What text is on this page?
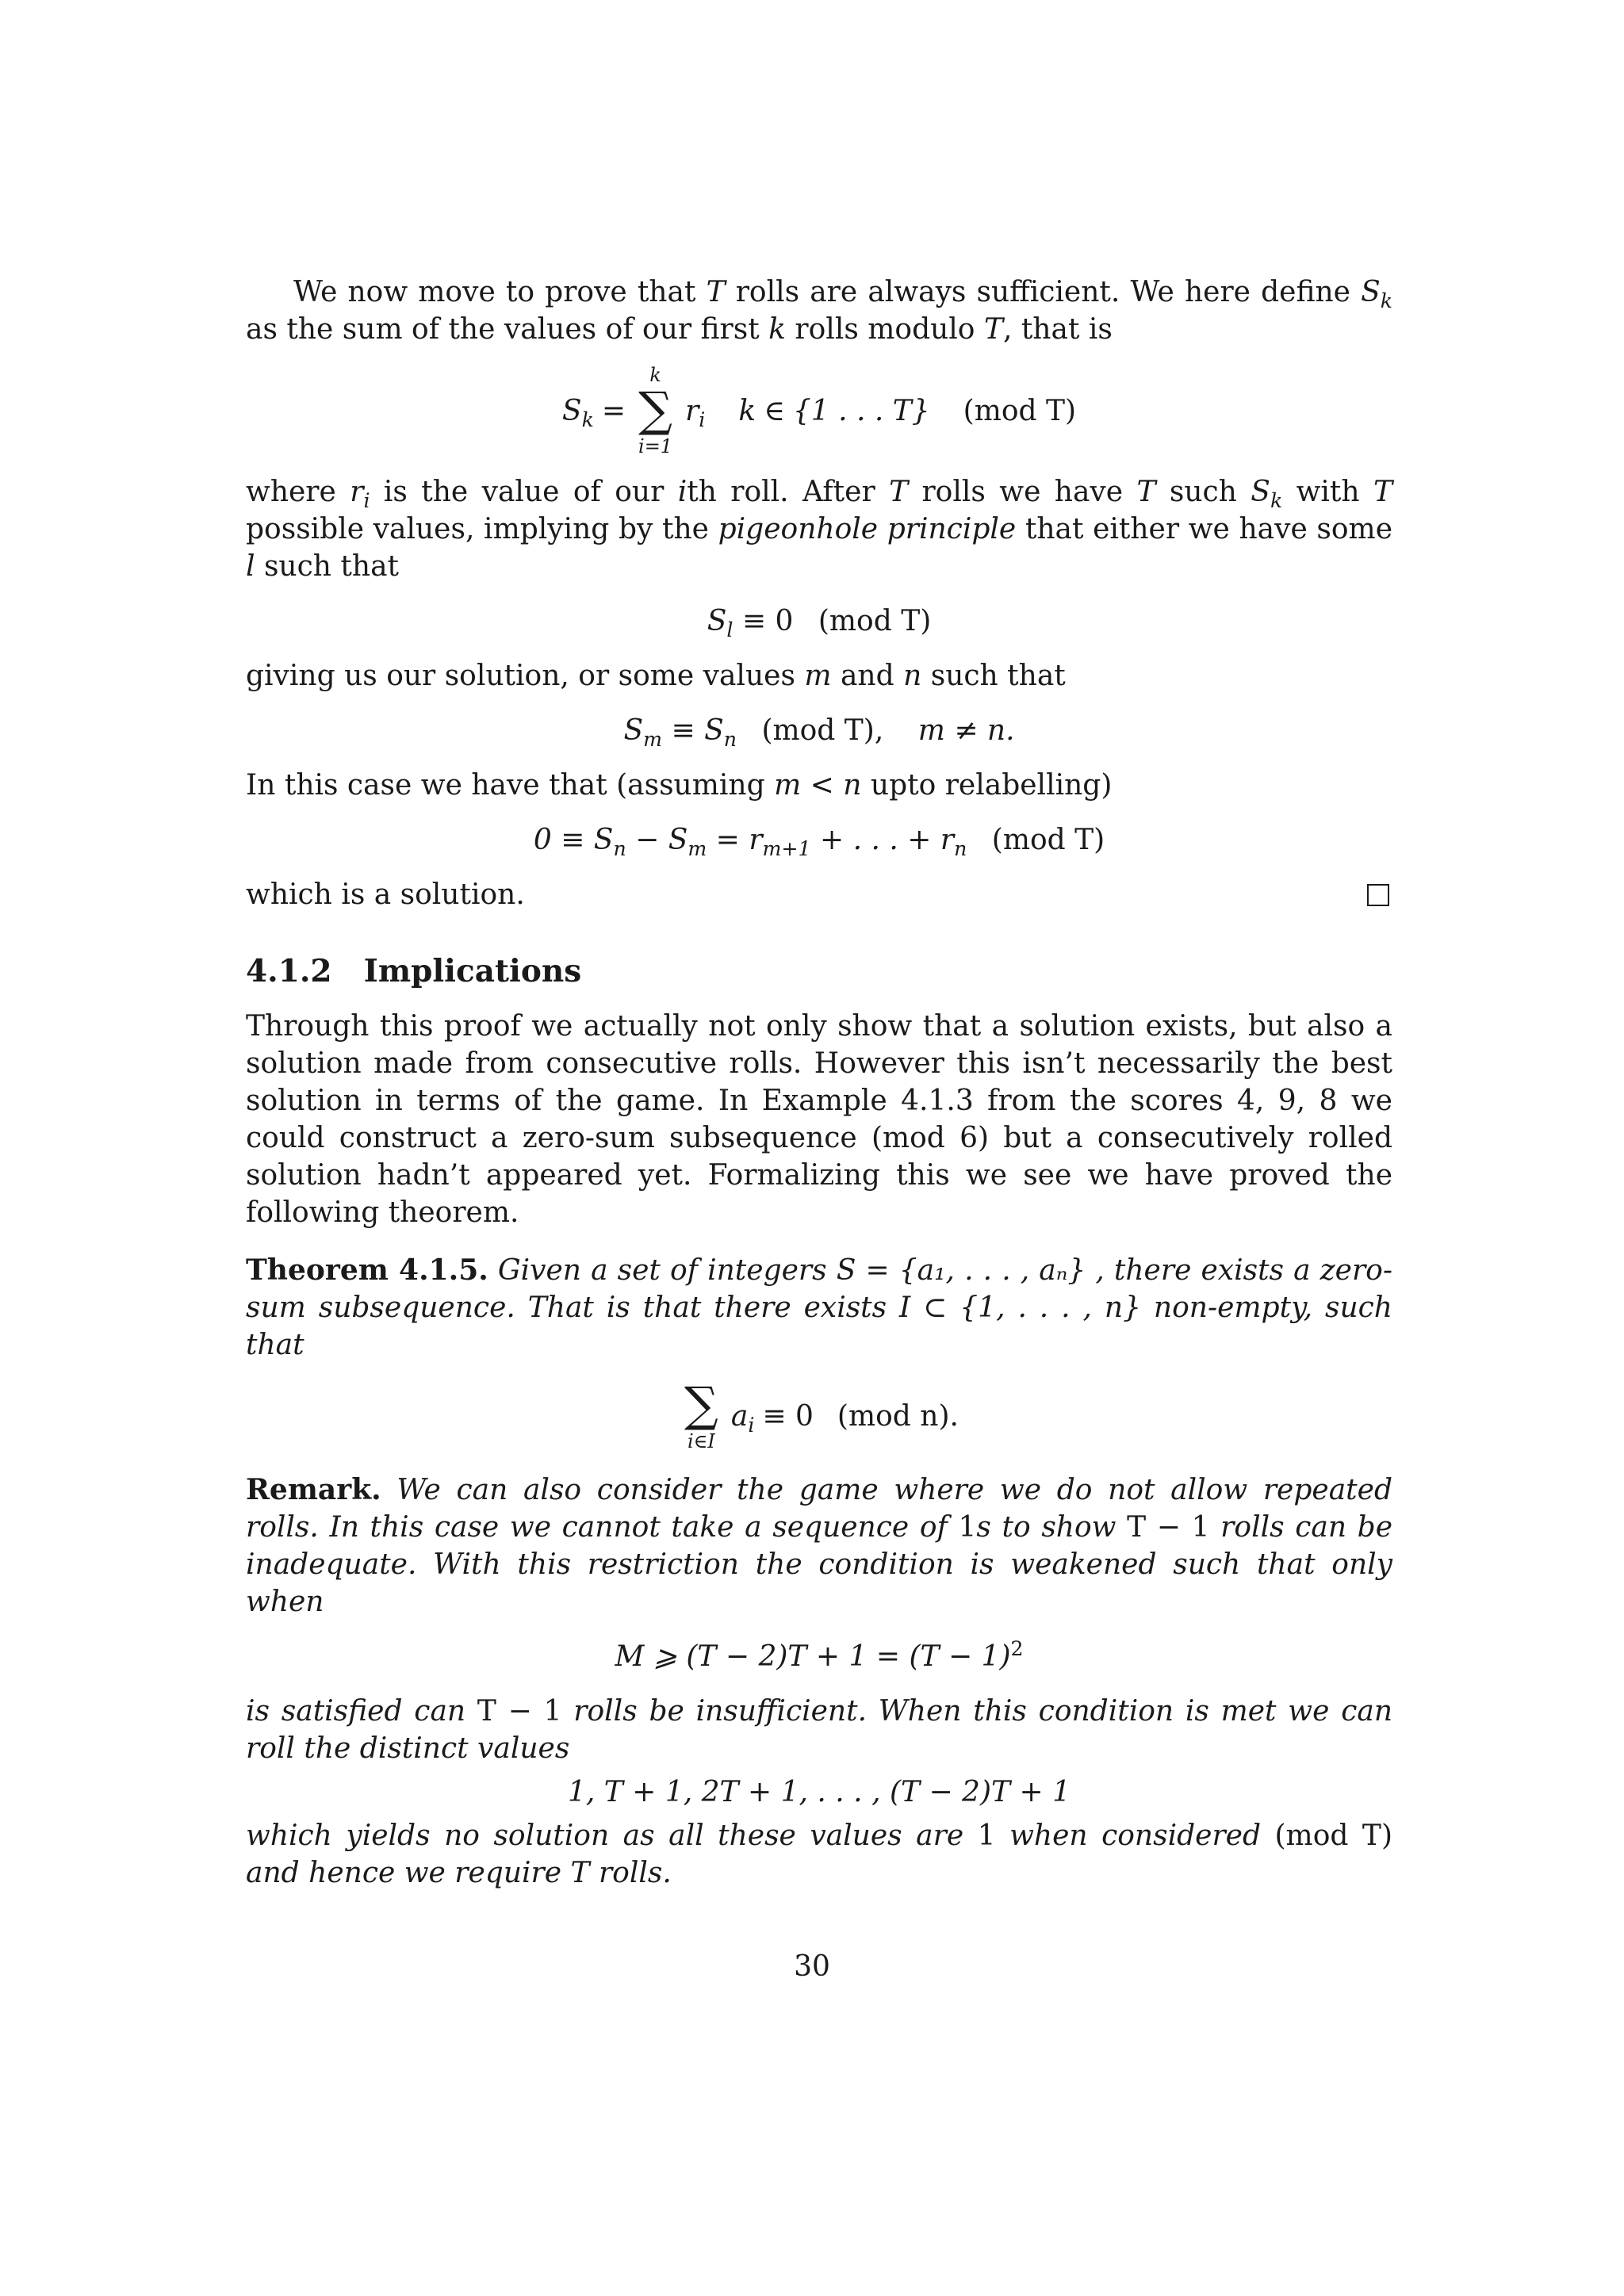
We now move to prove that T rolls are always sufficient. We here define $S_k$ as the sum of the values of our first k rolls modulo T, that is

$S_k$ =
k
∑
i=1
$r_i$ k ∈ {1 . . . T} (mod T)

where $r_i$ is the value of our ith roll. After T rolls we have T such $S_k$ with T possible values, implying by the pigeonhole principle that either we have some l such that

$S_l \equiv 0$ (mod T)

giving us our solution, or some values m and n such that

$S_m \equiv S_n$ (mod T), m ≠ n.

In this case we have that (assuming m < n upto relabelling)

$0 \equiv S_n - S_m = r_{m+1}$ + . . . + $r_n$ (mod T)
which is a solution.
4.1.2 Implications

Through this proof we actually not only show that a solution exists, but also a solution made from consecutive rolls. However this isn’t necessarily the best solution in terms of the game. In Example 4.1.3 from the scores 4, 9, 8 we could construct a zero-sum subsequence (mod 6) but a consecutively rolled solution hadn’t appeared yet. Formalizing this we see we have proved the following theorem.

Theorem 4.1.5. Given a set of integers S = {a₁, . . . , aₙ} , there exists a zero-sum subsequence. That is that there exists I ⊂ {1, . . . , n} non-empty, such that

∑
i∈I
$a_i \equiv 0$ (mod n).

Remark. We can also consider the game where we do not allow repeated rolls. In this case we cannot take a sequence of 1s to show T − 1 rolls can be inadequate. With this restriction the condition is weakened such that only when

M ⩾ $(T - 2)T + 1 = (T - 1)^2$

is satisfied can T − 1 rolls be insufficient. When this condition is met we can roll the distinct values

1, T + 1, 2T + 1, . . . , (T − 2)T + 1

which yields no solution as all these values are 1 when considered (mod T) and hence we require T rolls.

30
